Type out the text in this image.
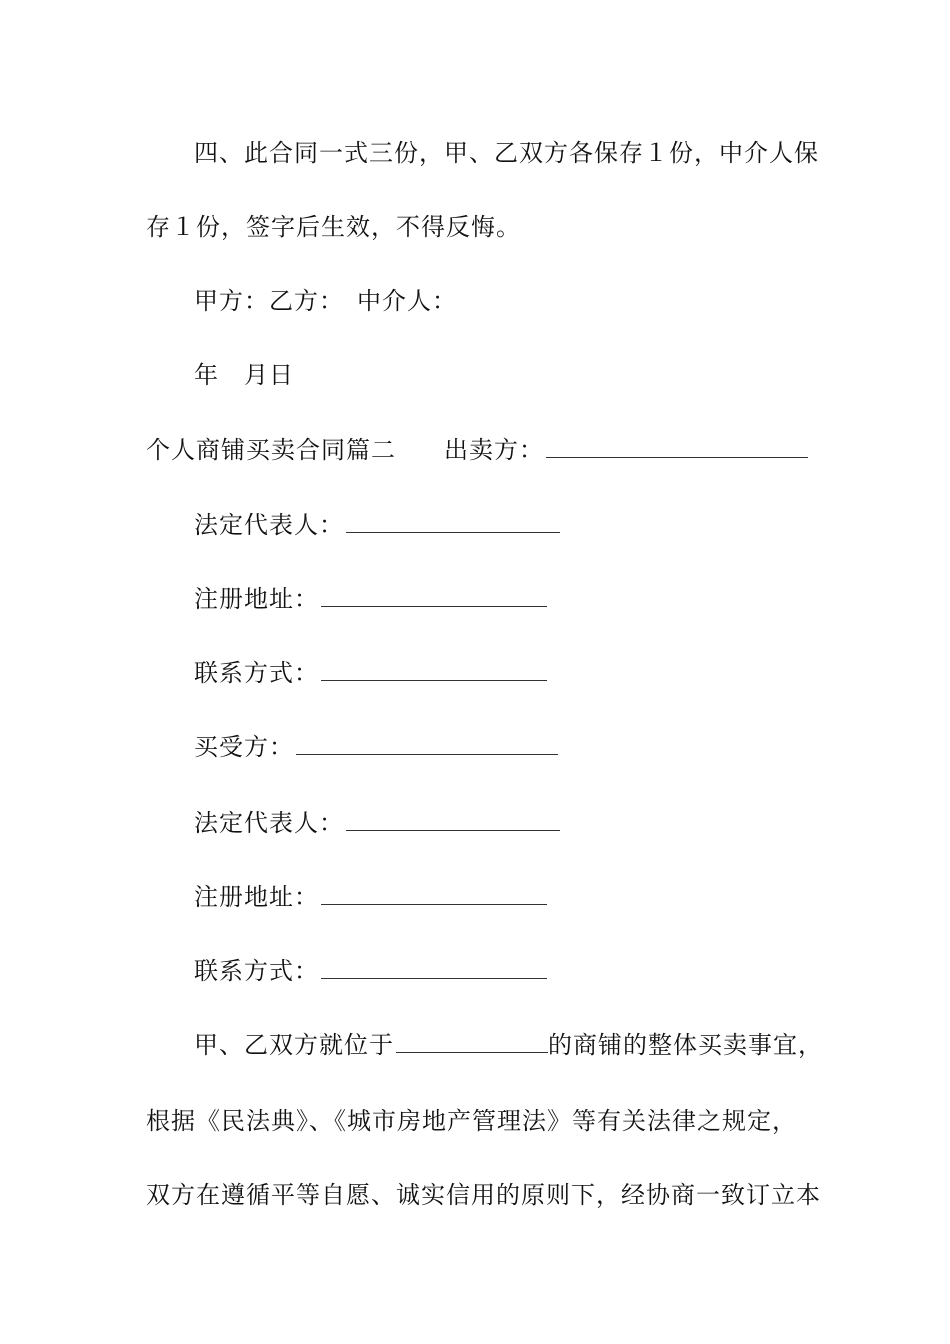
四、此合同一式三份，甲、乙双方各保存１份，中介人保
存１份，签字后生效，不得反悔。
甲方：乙方：　中介人：
年　月日
个人商铺买卖合同篇二 出卖方：
法定代表人：
注册地址：
联系方式：
买受方：
法定代表人：
注册地址：
联系方式：
甲、乙双方就位于	的商铺的整体买卖事宜，
根据《民法典》、《城市房地产管理法》等有关法律之规定，
双方在遵循平等自愿、诚实信用的原则下，经协商一致订立本
